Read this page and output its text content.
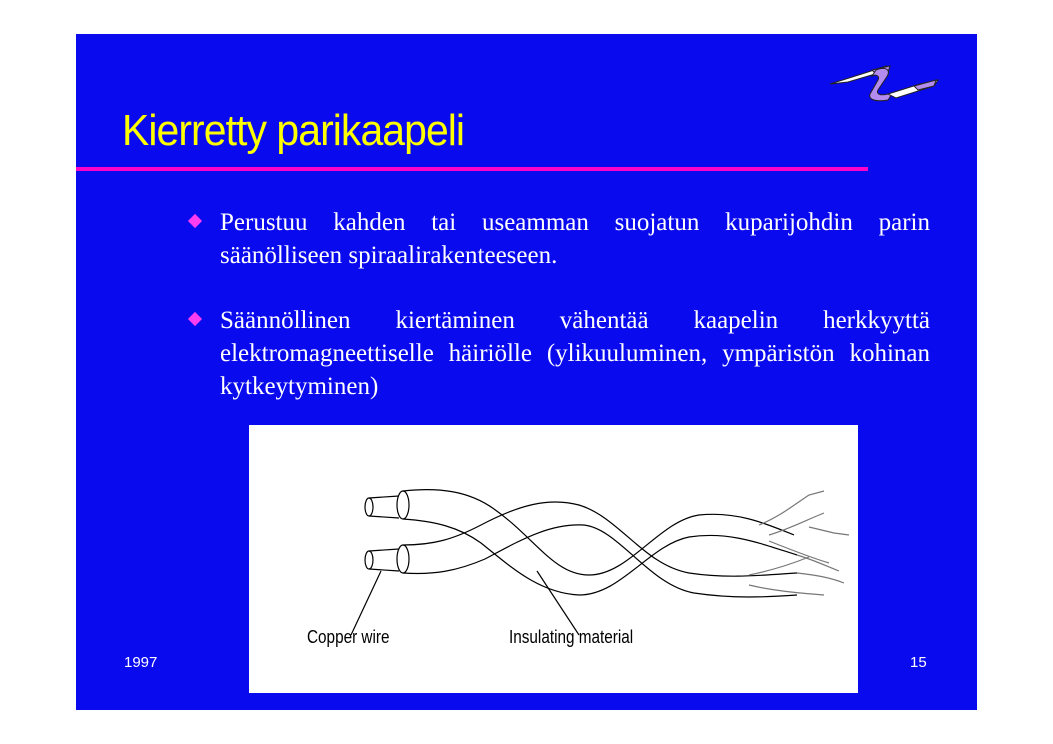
Kierretty parikaapeli
Perustuu kahden tai useamman suojatun kuparijohdin parin säänölliseen spiraalirakenteeseen.
Säännöllinen kiertäminen vähentää kaapelin herkkyyttä elektromagneettiselle häiriölle (ylikuuluminen, ympäristön kohinan kytkeytyminen)
Copper wire	Insulating material
1997	15
